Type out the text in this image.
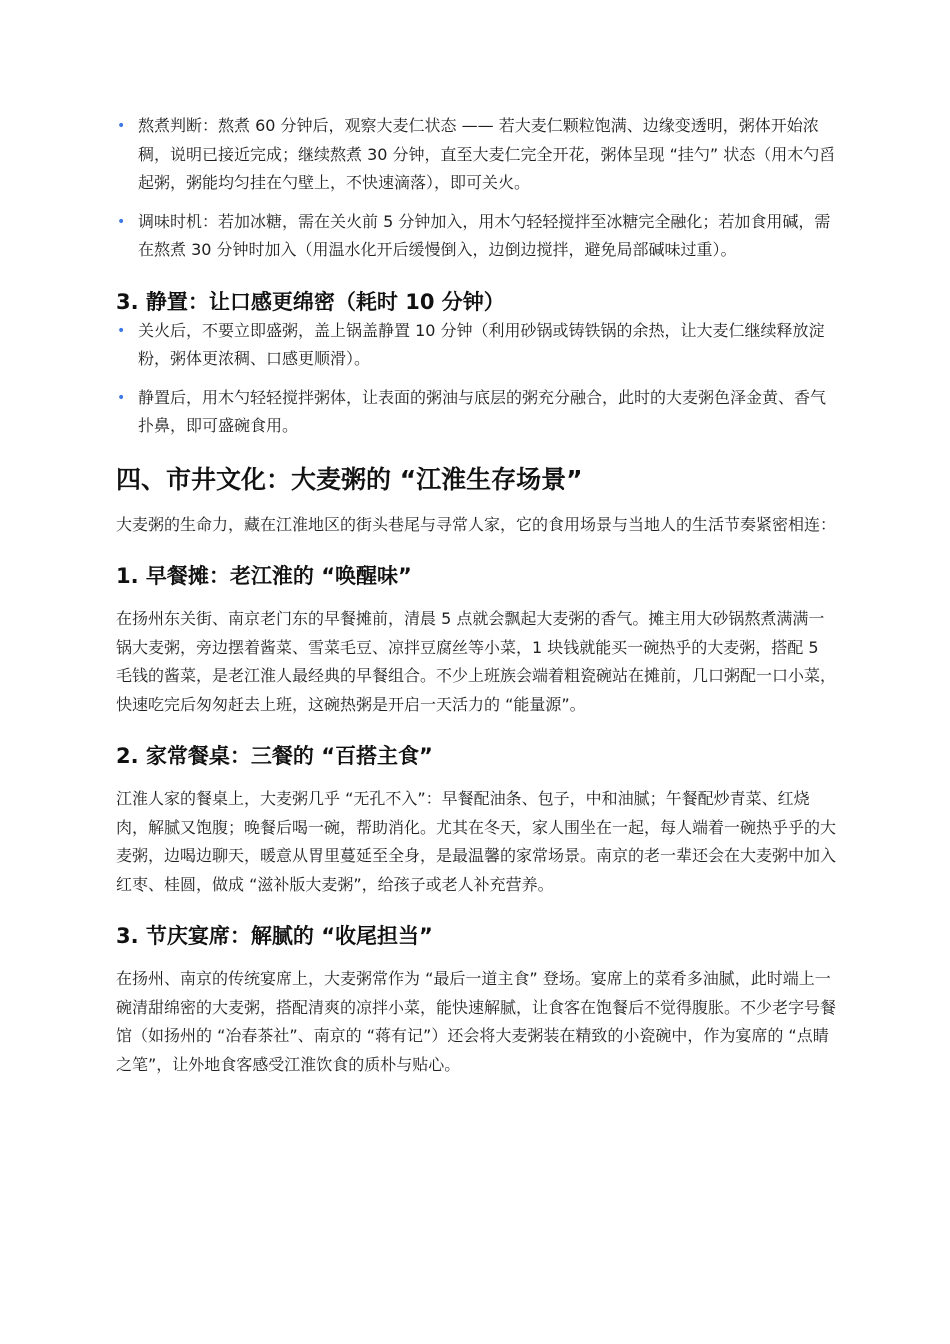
• 熬煮判断：熬煮 60 分钟后，观察大麦仁状态 —— 若大麦仁颗粒饱满、边缘变透明，粥体开始浓稠，说明已接近完成；继续熬煮 30 分钟，直至大麦仁完全开花，粥体呈现 “挂勺” 状态（用木勺舀起粥，粥能均匀挂在勺壁上，不快速滴落），即可关火。
• 调味时机：若加冰糖，需在关火前 5 分钟加入，用木勺轻轻搅拌至冰糖完全融化；若加食用碱，需在熬煮 30 分钟时加入（用温水化开后缓慢倒入，边倒边搅拌，避免局部碱味过重）。
3. 静置：让口感更绵密（耗时 10 分钟）
• 关火后，不要立即盛粥，盖上锅盖静置 10 分钟（利用砂锅或铸铁锅的余热，让大麦仁继续释放淀粉，粥体更浓稠、口感更顺滑）。
• 静置后，用木勺轻轻搅拌粥体，让表面的粥油与底层的粥充分融合，此时的大麦粥色泽金黄、香气扑鼻，即可盛碗食用。
四、市井文化：大麦粥的 “江淮生存场景”

大麦粥的生命力，藏在江淮地区的街头巷尾与寻常人家，它的食用场景与当地人的生活节奏紧密相连：

1. 早餐摊：老江淮的 “唤醒味”

在扬州东关街、南京老门东的早餐摊前，清晨 5 点就会飘起大麦粥的香气。摊主用大砂锅熬煮满满一锅大麦粥，旁边摆着酱菜、雪菜毛豆、凉拌豆腐丝等小菜，1 块钱就能买一碗热乎的大麦粥，搭配 5 毛钱的酱菜，是老江淮人最经典的早餐组合。不少上班族会端着粗瓷碗站在摊前，几口粥配一口小菜，快速吃完后匆匆赶去上班，这碗热粥是开启一天活力的 “能量源”。

2. 家常餐桌：三餐的 “百搭主食”

江淮人家的餐桌上，大麦粥几乎 “无孔不入”：早餐配油条、包子，中和油腻；午餐配炒青菜、红烧肉，解腻又饱腹；晚餐后喝一碗，帮助消化。尤其在冬天，家人围坐在一起，每人端着一碗热乎乎的大麦粥，边喝边聊天，暖意从胃里蔓延至全身，是最温馨的家常场景。南京的老一辈还会在大麦粥中加入红枣、桂圆，做成 “滋补版大麦粥”，给孩子或老人补充营养。

3. 节庆宴席：解腻的 “收尾担当”

在扬州、南京的传统宴席上，大麦粥常作为 “最后一道主食” 登场。宴席上的菜肴多油腻，此时端上一碗清甜绵密的大麦粥，搭配清爽的凉拌小菜，能快速解腻，让食客在饱餐后不觉得腹胀。不少老字号餐馆（如扬州的 “冶春茶社”、南京的 “蒋有记”）还会将大麦粥装在精致的小瓷碗中，作为宴席的 “点睛之笔”，让外地食客感受江淮饮食的质朴与贴心。
